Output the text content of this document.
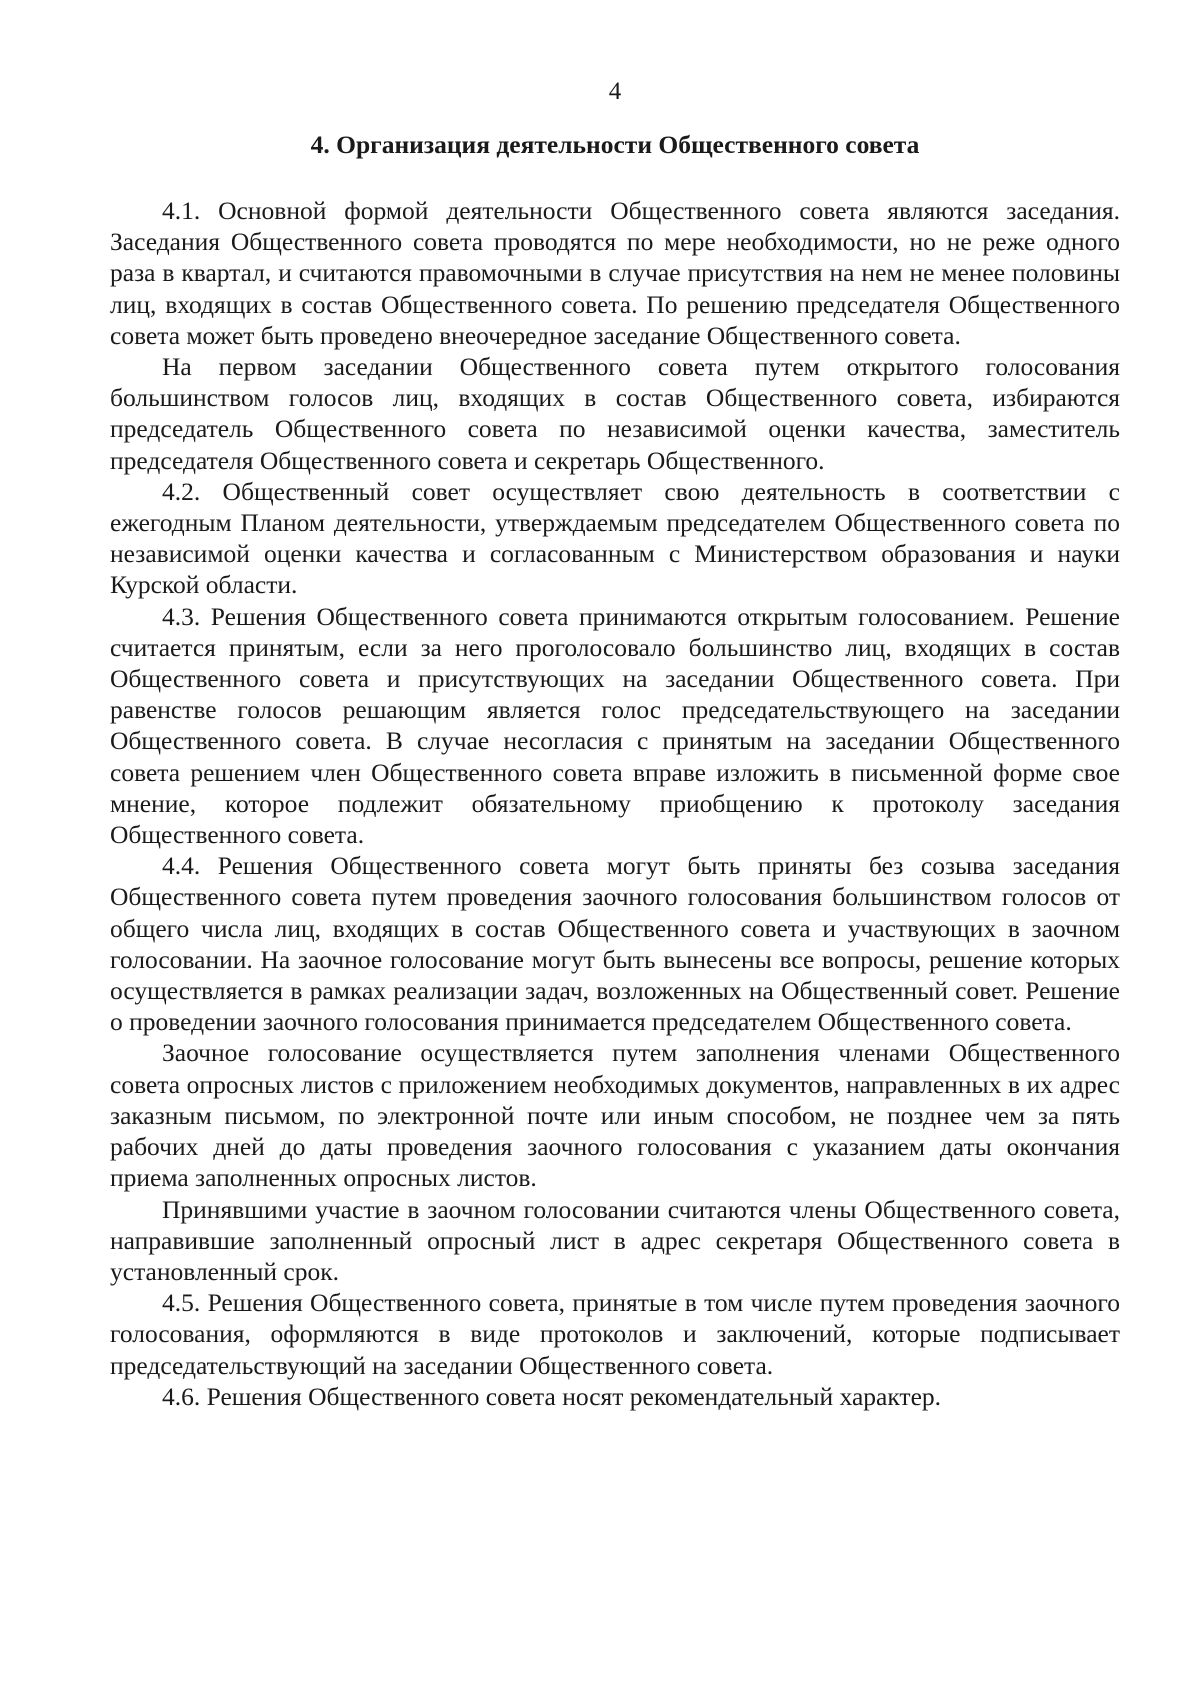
4
4. Организация деятельности Общественного совета

4.1. Основной формой деятельности Общественного совета являются заседания. Заседания Общественного совета проводятся по мере необходимости, но не реже одного раза в квартал, и считаются правомочными в случае присутствия на нем не менее половины лиц, входящих в состав Общественного совета. По решению председателя Общественного совета может быть проведено внеочередное заседание Общественного совета.

На первом заседании Общественного совета путем открытого голосования большинством голосов лиц, входящих в состав Общественного совета, избираются председатель Общественного совета по независимой оценки качества, заместитель председателя Общественного совета и секретарь Общественного.

4.2. Общественный совет осуществляет свою деятельность в соответствии с ежегодным Планом деятельности, утверждаемым председателем Общественного совета по независимой оценки качества и согласованным с Министерством образования и науки Курской области.

4.3. Решения Общественного совета принимаются открытым голосованием. Решение считается принятым, если за него проголосовало большинство лиц, входящих в состав Общественного совета и присутствующих на заседании Общественного совета. При равенстве голосов решающим является голос председательствующего на заседании Общественного совета. В случае несогласия с принятым на заседании Общественного совета решением член Общественного совета вправе изложить в письменной форме свое мнение, которое подлежит обязательному приобщению к протоколу заседания Общественного совета.

4.4. Решения Общественного совета могут быть приняты без созыва заседания Общественного совета путем проведения заочного голосования большинством голосов от общего числа лиц, входящих в состав Общественного совета и участвующих в заочном голосовании. На заочное голосование могут быть вынесены все вопросы, решение которых осуществляется в рамках реализации задач, возложенных на Общественный совет. Решение о проведении заочного голосования принимается председателем Общественного совета.

Заочное голосование осуществляется путем заполнения членами Общественного совета опросных листов с приложением необходимых документов, направленных в их адрес заказным письмом, по электронной почте или иным способом, не позднее чем за пять рабочих дней до даты проведения заочного голосования с указанием даты окончания приема заполненных опросных листов.

Принявшими участие в заочном голосовании считаются члены Общественного совета, направившие заполненный опросный лист в адрес секретаря Общественного совета в установленный срок.

4.5. Решения Общественного совета, принятые в том числе путем проведения заочного голосования, оформляются в виде протоколов и заключений, которые подписывает председательствующий на заседании Общественного совета.

4.6. Решения Общественного совета носят рекомендательный характер.
